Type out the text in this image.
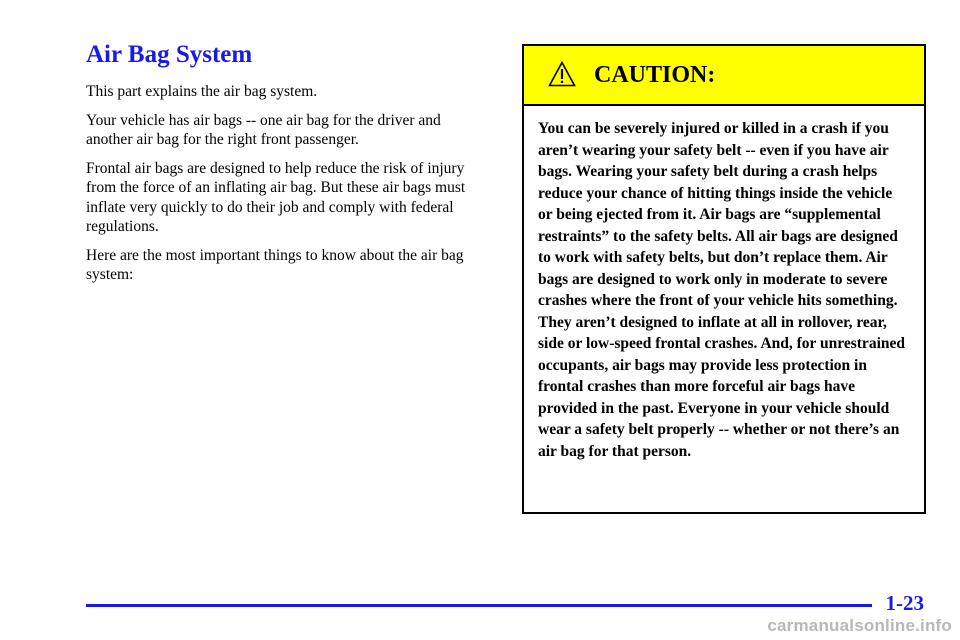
Air Bag System

This part explains the air bag system.

Your vehicle has air bags -- one air bag for the driver and another air bag for the right front passenger.

Frontal air bags are designed to help reduce the risk of injury from the force of an inflating air bag. But these air bags must inflate very quickly to do their job and comply with federal regulations.

Here are the most important things to know about the air bag system:

CAUTION:

You can be severely injured or killed in a crash if you aren’t wearing your safety belt -- even if you have air bags. Wearing your safety belt during a crash helps reduce your chance of hitting things inside the vehicle or being ejected from it. Air bags are “supplemental restraints” to the safety belts. All air bags are designed to work with safety belts, but don’t replace them. Air bags are designed to work only in moderate to severe crashes where the front of your vehicle hits something. They aren’t designed to inflate at all in rollover, rear, side or low-speed frontal crashes. And, for unrestrained occupants, air bags may provide less protection in frontal crashes than more forceful air bags have provided in the past. Everyone in your vehicle should wear a safety belt properly -- whether or not there’s an air bag for that person.

1-23
carmanualsonline.info
